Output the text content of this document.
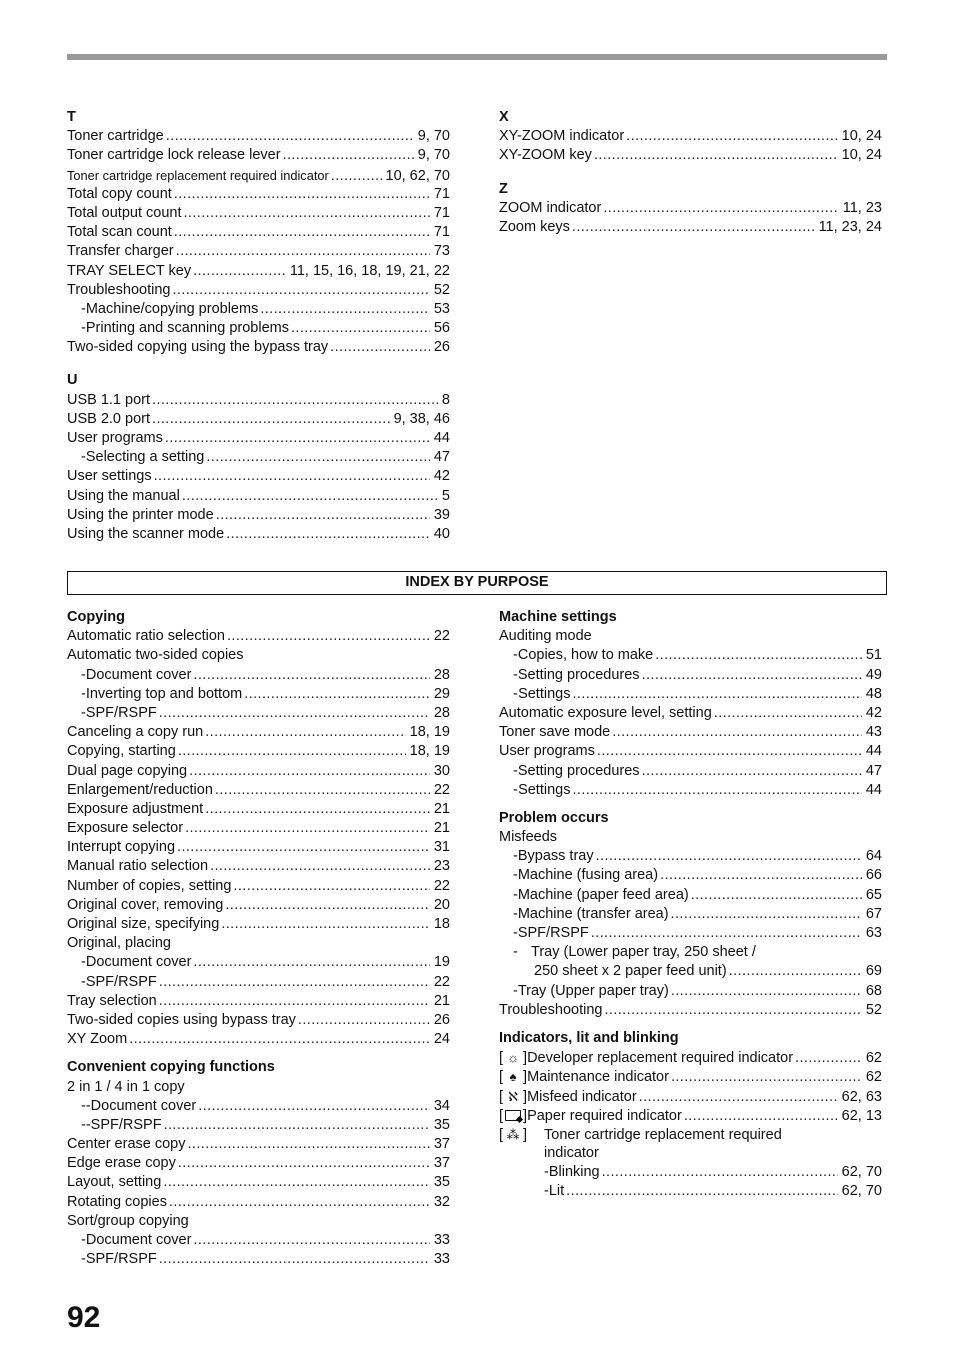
T
Toner cartridge .....	9, 70
Toner cartridge lock release lever .....	9, 70
Toner cartridge replacement required indicator .....	10, 62, 70
Total copy count .....	71
Total output count .....	71
Total scan count .....	71
Transfer charger .....	73
TRAY SELECT key .....	11, 15, 16, 18, 19, 21, 22
Troubleshooting .....	52
- Machine/copying problems .....	53
- Printing and scanning problems .....	56
Two-sided copying using the bypass tray .....	26
U
USB 1.1 port .....	8
USB 2.0 port .....	9, 38, 46
User programs .....	44
- Selecting a setting .....	47
User settings .....	42
Using the manual .....	5
Using the printer mode .....	39
Using the scanner mode .....	40
X
XY-ZOOM indicator .....	10, 24
XY-ZOOM key .....	10, 24
Z
ZOOM indicator .....	11, 23
Zoom keys .....	11, 23, 24
INDEX BY PURPOSE
Copying
Automatic ratio selection .....	22
Automatic two-sided copies
- Document cover .....	28
- Inverting top and bottom .....	29
- SPF/RSPF .....	28
Canceling a copy run .....	18, 19
Copying, starting .....	18, 19
Dual page copying .....	30
Enlargement/reduction .....	22
Exposure adjustment .....	21
Exposure selector .....	21
Interrupt copying .....	31
Manual ratio selection .....	23
Number of copies, setting .....	22
Original cover, removing .....	20
Original size, specifying .....	18
Original, placing
- Document cover .....	19
- SPF/RSPF .....	22
Tray selection .....	21
Two-sided copies using bypass tray .....	26
XY Zoom .....	24
Convenient copying functions
2 in 1 / 4 in 1 copy
- -Document cover .....	34
- -SPF/RSPF .....	35
Center erase copy .....	37
Edge erase copy .....	37
Layout, setting .....	35
Rotating copies .....	32
Sort/group copying
- Document cover .....	33
- SPF/RSPF .....	33
Machine settings
Auditing mode
- Copies, how to make .....	51
- Setting procedures .....	49
- Settings .....	48
Automatic exposure level, setting .....	42
Toner save mode .....	43
User programs .....	44
- Setting procedures .....	47
- Settings .....	44
Problem occurs
Misfeeds
- Bypass tray .....	64
- Machine (fusing area) .....	66
- Machine (paper feed area) .....	65
- Machine (transfer area) .....	67
- SPF/RSPF .....	63
- Tray (Lower paper tray, 250 sheet /
250 sheet x 2 paper feed unit) .....	69
- Tray (Upper paper tray) .....	68
Troubleshooting .....	52
Indicators, lit and blinking
[ ☼ ] Developer replacement required indicator .....	62
[ ♠ ] Maintenance indicator .....	62
[ ℵ ] Misfeed indicator .....	62, 63
[ ] Paper required indicator .....	62, 13
[ ⁂ ]	Toner cartridge replacement required
indicator
- Blinking .....	62, 70
- Lit .....	62, 70
92
